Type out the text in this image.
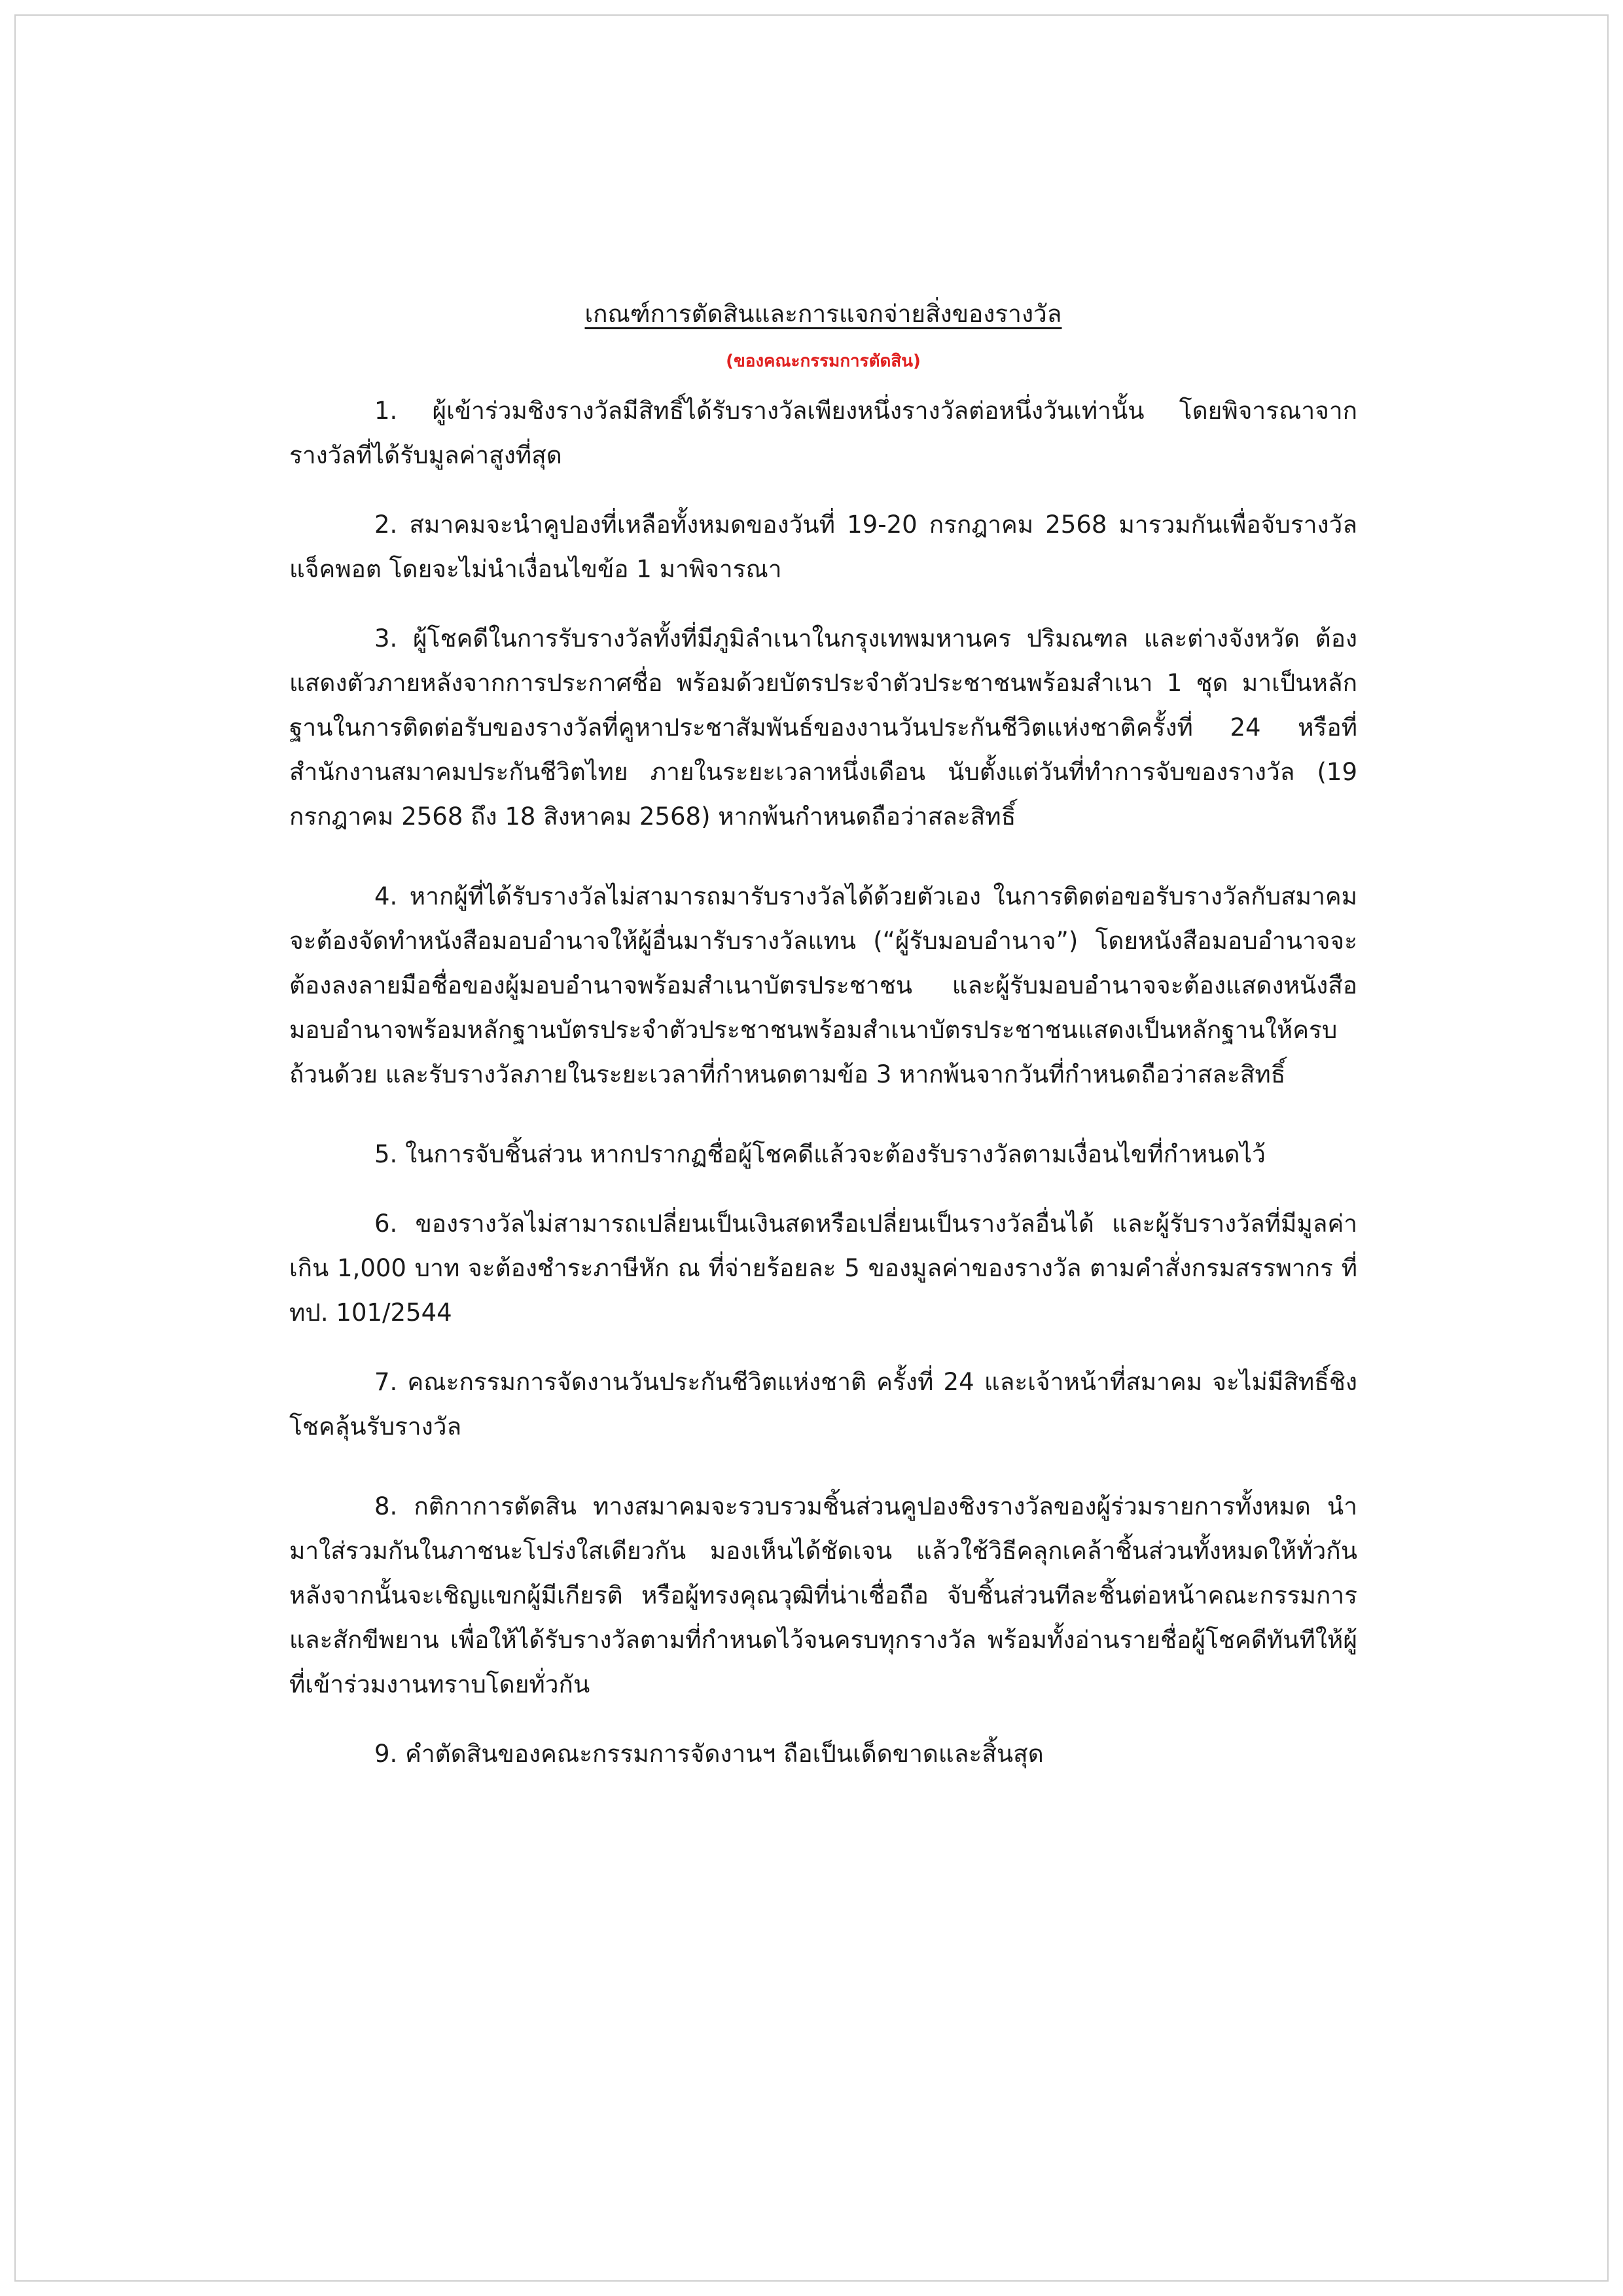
เกณฑ์การตัดสินและการแจกจ่ายสิ่งของรางวัล

(ของคณะกรรมการตัดสิน)

1. ผู้เข้าร่วมชิงรางวัลมีสิทธิ์ได้รับรางวัลเพียงหนึ่งรางวัลต่อหนึ่งวันเท่านั้น โดยพิจารณาจากรางวัลที่ได้รับมูลค่าสูงที่สุด

2. สมาคมจะนำคูปองที่เหลือทั้งหมดของวันที่ 19-20 กรกฎาคม 2568 มารวมกันเพื่อจับรางวัลแจ็คพอต โดยจะไม่นำเงื่อนไขข้อ 1 มาพิจารณา

3. ผู้โชคดีในการรับรางวัลทั้งที่มีภูมิลำเนาในกรุงเทพมหานคร ปริมณฑล และต่างจังหวัด ต้องแสดงตัวภายหลังจากการประกาศชื่อ พร้อมด้วยบัตรประจำตัวประชาชนพร้อมสำเนา 1 ชุด มาเป็นหลักฐานในการติดต่อรับของรางวัลที่คูหาประชาสัมพันธ์ของงานวันประกันชีวิตแห่งชาติครั้งที่ 24 หรือที่สำนักงานสมาคมประกันชีวิตไทย ภายในระยะเวลาหนึ่งเดือน นับตั้งแต่วันที่ทำการจับของรางวัล (19 กรกฎาคม 2568 ถึง 18 สิงหาคม 2568) หากพ้นกำหนดถือว่าสละสิทธิ์

4. หากผู้ที่ได้รับรางวัลไม่สามารถมารับรางวัลได้ด้วยตัวเอง ในการติดต่อขอรับรางวัลกับสมาคม จะต้องจัดทำหนังสือมอบอำนาจให้ผู้อื่นมารับรางวัลแทน (“ผู้รับมอบอำนาจ”) โดยหนังสือมอบอำนาจจะต้องลงลายมือชื่อของผู้มอบอำนาจพร้อมสำเนาบัตรประชาชน และผู้รับมอบอำนาจจะต้องแสดงหนังสือมอบอำนาจพร้อมหลักฐานบัตรประจำตัวประชาชนพร้อมสำเนาบัตรประชาชนแสดงเป็นหลักฐานให้ครบถ้วนด้วย และรับรางวัลภายในระยะเวลาที่กำหนดตามข้อ 3 หากพ้นจากวันที่กำหนดถือว่าสละสิทธิ์

5. ในการจับชิ้นส่วน หากปรากฏชื่อผู้โชคดีแล้วจะต้องรับรางวัลตามเงื่อนไขที่กำหนดไว้

6. ของรางวัลไม่สามารถเปลี่ยนเป็นเงินสดหรือเปลี่ยนเป็นรางวัลอื่นได้ และผู้รับรางวัลที่มีมูลค่าเกิน 1,000 บาท จะต้องชำระภาษีหัก ณ ที่จ่ายร้อยละ 5 ของมูลค่าของรางวัล ตามคำสั่งกรมสรรพากร ที่ ทป. 101/2544

7. คณะกรรมการจัดงานวันประกันชีวิตแห่งชาติ ครั้งที่ 24 และเจ้าหน้าที่สมาคม จะไม่มีสิทธิ์ชิงโชคลุ้นรับรางวัล

8. กติกาการตัดสิน ทางสมาคมจะรวบรวมชิ้นส่วนคูปองชิงรางวัลของผู้ร่วมรายการทั้งหมด นำมาใส่รวมกันในภาชนะโปร่งใสเดียวกัน มองเห็นได้ชัดเจน แล้วใช้วิธีคลุกเคล้าชิ้นส่วนทั้งหมดให้ทั่วกัน หลังจากนั้นจะเชิญแขกผู้มีเกียรติ หรือผู้ทรงคุณวุฒิที่น่าเชื่อถือ จับชิ้นส่วนทีละชิ้นต่อหน้าคณะกรรมการและสักขีพยาน เพื่อให้ได้รับรางวัลตามที่กำหนดไว้จนครบทุกรางวัล พร้อมทั้งอ่านรายชื่อผู้โชคดีทันทีให้ผู้ที่เข้าร่วมงานทราบโดยทั่วกัน

9. คำตัดสินของคณะกรรมการจัดงานฯ ถือเป็นเด็ดขาดและสิ้นสุด
